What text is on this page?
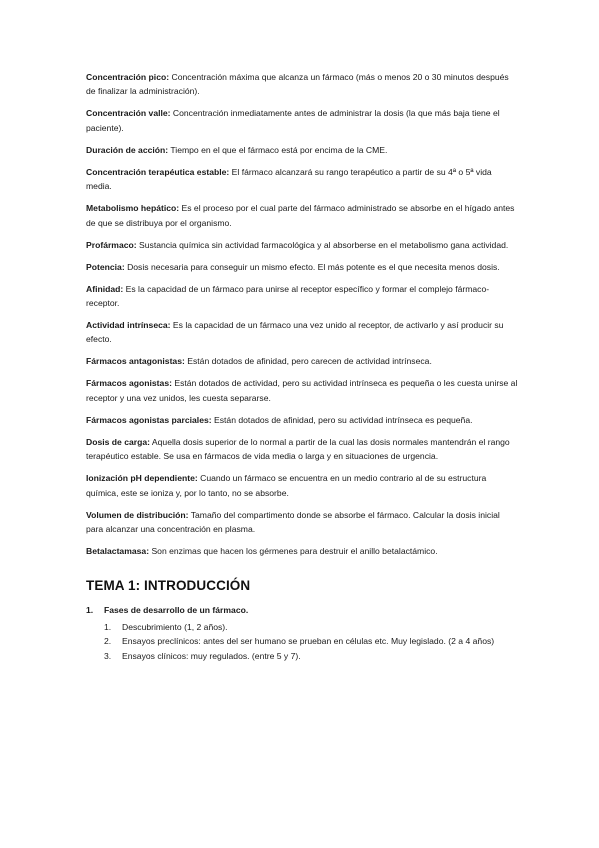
Concentración pico: Concentración máxima que alcanza un fármaco (más o menos 20 o 30 minutos después de finalizar la administración).

Concentración valle: Concentración inmediatamente antes de administrar la dosis (la que más baja tiene el paciente).

Duración de acción: Tiempo en el que el fármaco está por encima de la CME.

Concentración terapéutica estable: El fármaco alcanzará su rango terapéutico a partir de su 4ª o 5ª vida media.

Metabolismo hepático: Es el proceso por el cual parte del fármaco administrado se absorbe en el hígado antes de que se distribuya por el organismo.

Profármaco: Sustancia química sin actividad farmacológica y al absorberse en el metabolismo gana actividad.

Potencia: Dosis necesaria para conseguir un mismo efecto. El más potente es el que necesita menos dosis.

Afinidad: Es la capacidad de un fármaco para unirse al receptor específico y formar el complejo fármaco-receptor.

Actividad intrínseca: Es la capacidad de un fármaco una vez unido al receptor, de activarlo y así producir su efecto.

Fármacos antagonistas: Están dotados de afinidad, pero carecen de actividad intrínseca.

Fármacos agonistas: Están dotados de actividad, pero su actividad intrínseca es pequeña o les cuesta unirse al receptor y una vez unidos, les cuesta separarse.

Fármacos agonistas parciales: Están dotados de afinidad, pero su actividad intrínseca es pequeña.

Dosis de carga: Aquella dosis superior de lo normal a partir de la cual las dosis normales mantendrán el rango terapéutico estable. Se usa en fármacos de vida media o larga y en situaciones de urgencia.

Ionización pH dependiente: Cuando un fármaco se encuentra en un medio contrario al de su estructura química, este se ioniza y, por lo tanto, no se absorbe.

Volumen de distribución: Tamaño del compartimento donde se absorbe el fármaco. Calcular la dosis inicial para alcanzar una concentración en plasma.

Betalactamasa: Son enzimas que hacen los gérmenes para destruir el anillo betalactámico.

TEMA 1: INTRODUCCIÓN
1.	Fases de desarrollo de un fármaco.
1. Descubrimiento (1, 2 años).
2. Ensayos preclínicos: antes del ser humano se prueban en células etc. Muy legislado. (2 a 4 años)
3. Ensayos clínicos: muy regulados. (entre 5 y 7).
